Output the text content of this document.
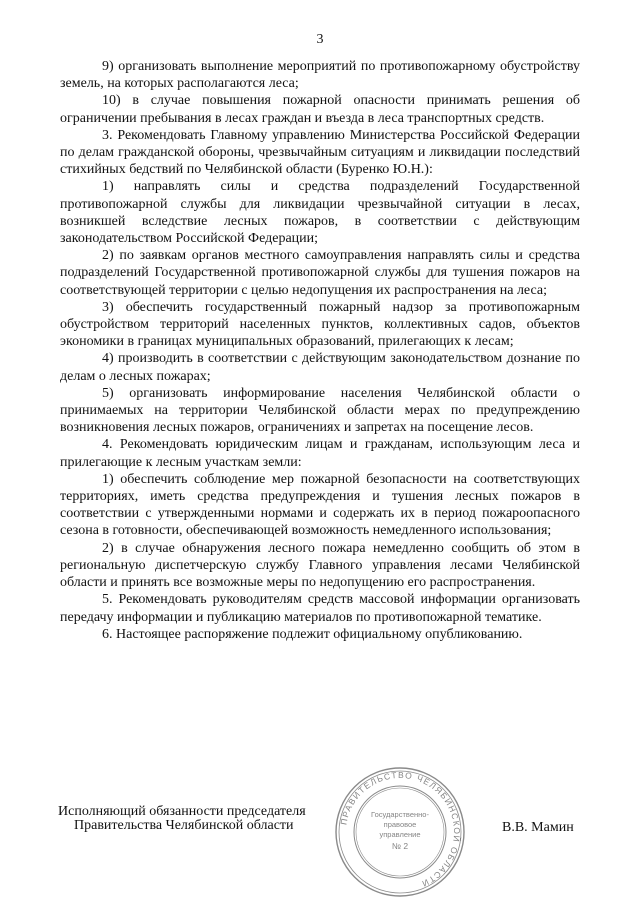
3

9) организовать выполнение мероприятий по противопожарному обустройству земель, на которых располагаются леса;

10) в случае повышения пожарной опасности принимать решения об ограничении пребывания в лесах граждан и въезда в леса транспортных средств.

3. Рекомендовать Главному управлению Министерства Российской Федерации по делам гражданской обороны, чрезвычайным ситуациям и ликвидации последствий стихийных бедствий по Челябинской области (Буренко Ю.Н.):

1) направлять силы и средства подразделений Государственной противопожарной службы для ликвидации чрезвычайной ситуации в лесах, возникшей вследствие лесных пожаров, в соответствии с действующим законодательством Российской Федерации;

2) по заявкам органов местного самоуправления направлять силы и средства подразделений Государственной противопожарной службы для тушения пожаров на соответствующей территории с целью недопущения их распространения на леса;

3) обеспечить государственный пожарный надзор за противопожарным обустройством территорий населенных пунктов, коллективных садов, объектов экономики в границах муниципальных образований, прилегающих к лесам;

4) производить в соответствии с действующим законодательством дознание по делам о лесных пожарах;

5) организовать информирование населения Челябинской области о принимаемых на территории Челябинской области мерах по предупреждению возникновения лесных пожаров, ограничениях и запретах на посещение лесов.

4. Рекомендовать юридическим лицам и гражданам, использующим леса и прилегающие к лесным участкам земли:

1) обеспечить соблюдение мер пожарной безопасности на соответствующих территориях, иметь средства предупреждения и тушения лесных пожаров в соответствии с утвержденными нормами и содержать их в период пожароопасного сезона в готовности, обеспечивающей возможность немедленного использования;

2) в случае обнаружения лесного пожара немедленно сообщить об этом в региональную диспетчерскую службу Главного управления лесами Челябинской области и принять все возможные меры по недопущению его распространения.

5. Рекомендовать руководителям средств массовой информации организовать передачу информации и публикацию материалов по противопожарной тематике.

6. Настоящее распоряжение подлежит официальному опубликованию.

Исполняющий обязанности председателя
Правительства Челябинской области	ПРАВИТЕЛЬСТВО ЧЕЛЯБИНСКОЙ ОБЛАСТИ
Государственно-
правовое
управление
№ 2
В.В. Мамин
